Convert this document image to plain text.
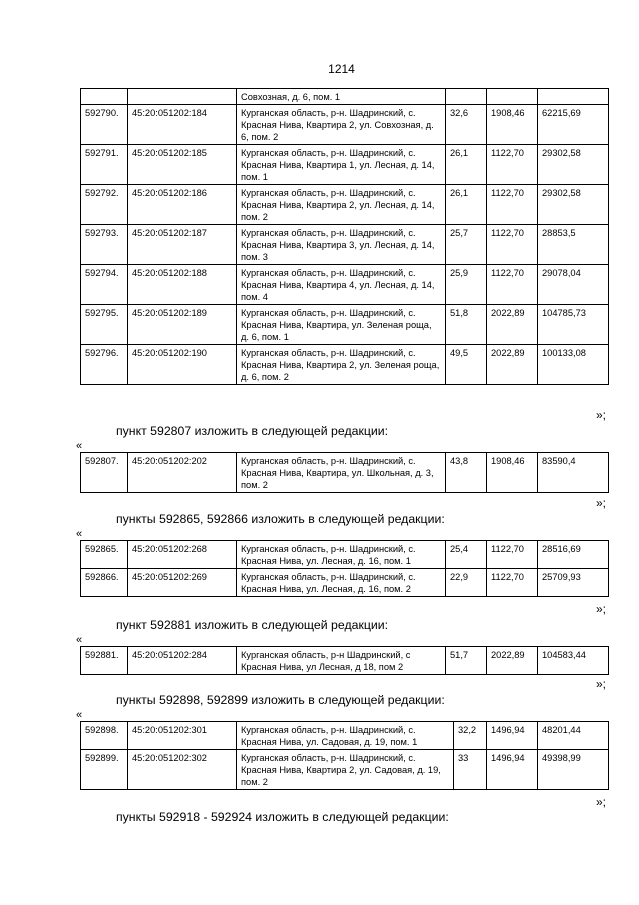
1214
		Совхозная, д. 6, пом. 1			
592790.	45:20:051202:184	Курганская область, р-н. Шадринский, с. Красная Нива, Квартира 2, ул. Совхозная, д. 6, пом. 2	32,6	1908,46	62215,69
592791.	45:20:051202:185	Курганская область, р-н. Шадринский, с. Красная Нива, Квартира 1, ул. Лесная, д. 14, пом. 1	26,1	1122,70	29302,58
592792.	45:20:051202:186	Курганская область, р-н. Шадринский, с. Красная Нива, Квартира 2, ул. Лесная, д. 14, пом. 2	26,1	1122,70	29302,58
592793.	45:20:051202:187	Курганская область, р-н. Шадринский, с. Красная Нива, Квартира 3, ул. Лесная, д. 14, пом. 3	25,7	1122,70	28853,5
592794.	45:20:051202:188	Курганская область, р-н. Шадринский, с. Красная Нива, Квартира 4, ул. Лесная, д. 14, пом. 4	25,9	1122,70	29078,04
592795.	45:20:051202:189	Курганская область, р-н. Шадринский, с. Красная Нива, Квартира, ул. Зеленая роща, д. 6, пом. 1	51,8	2022,89	104785,73
592796.	45:20:051202:190	Курганская область, р-н. Шадринский, с. Красная Нива, Квартира 2, ул. Зеленая роща, д. 6, пом. 2	49,5	2022,89	100133,08
»;
пункт 592807 изложить в следующей редакции:
«
592807.	45:20:051202:202	Курганская область, р-н. Шадринский, с. Красная Нива, Квартира, ул. Школьная, д. 3, пом. 2	43,8	1908,46	83590,4
»;
пункты 592865, 592866 изложить в следующей редакции:
«
592865.	45:20:051202:268	Курганская область, р-н. Шадринский, с. Красная Нива, ул. Лесная, д. 16, пом. 1	25,4	1122,70	28516,69
592866.	45:20:051202:269	Курганская область, р-н. Шадринский, с. Красная Нива, ул. Лесная, д. 16, пом. 2	22,9	1122,70	25709,93
»;
пункт 592881 изложить в следующей редакции:
«
592881.	45:20:051202:284	Курганская область, р-н Шадринский, с Красная Нива, ул Лесная, д 18, пом 2	51,7	2022,89	104583,44
»;
пункты 592898, 592899 изложить в следующей редакции:
«
592898.	45:20:051202:301	Курганская область, р-н. Шадринский, с. Красная Нива, ул. Садовая, д. 19, пом. 1	32,2	1496,94	48201,44
592899.	45:20:051202:302	Курганская область, р-н. Шадринский, с. Красная Нива, Квартира 2, ул. Садовая, д. 19, пом. 2	33	1496,94	49398,99
»;
пункты 592918 - 592924 изложить в следующей редакции:
